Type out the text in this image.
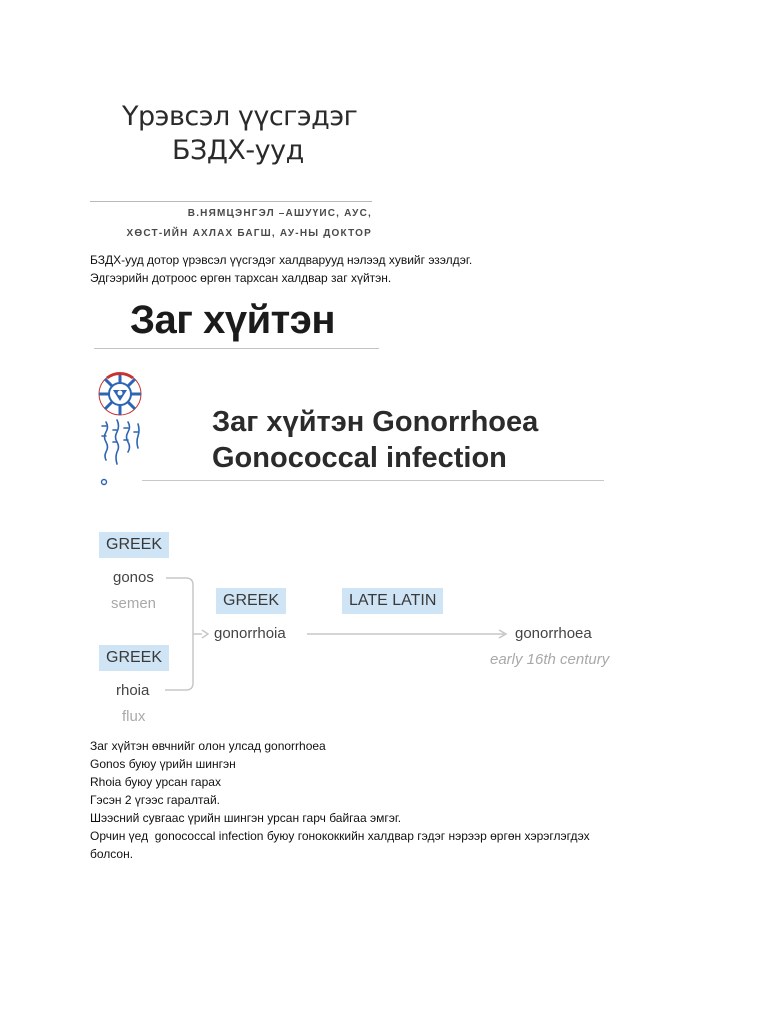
Үрэвсэл үүсгэдэг
БЗДХ-ууд
В.НЯМЦЭНГЭЛ –АШУҮИС, АУС,
ХӨСТ-ИЙН АХЛАХ БАГШ, АУ-НЫ ДОКТОР
БЗДХ-ууд дотор үрэвсэл үүсгэдэг халдварууд нэлээд хувийг эзэлдэг.
Эдгээрийн дотроос өргөн тархсан халдвар заг хүйтэн.
Заг хүйтэн
Заг хүйтэн Gonorrhoea
Gonococcal infection
GREEK
gonos
semen
GREEK
rhoia
flux
GREEK
gonorrhoia
LATE LATIN
gonorrhoea
early 16th century
Заг хүйтэн өвчнийг олон улсад gonorrhoea
Gonos буюу үрийн шингэн
Rhoia буюу урсан гарах
Гэсэн 2 үгээс гаралтай.
Шээсний сувгаас үрийн шингэн урсан гарч байгаа эмгэг.
Орчин үед  gonococcal infection буюу гонококкийн халдвар гэдэг нэрээр өргөн хэрэглэгдэх
болсон.
